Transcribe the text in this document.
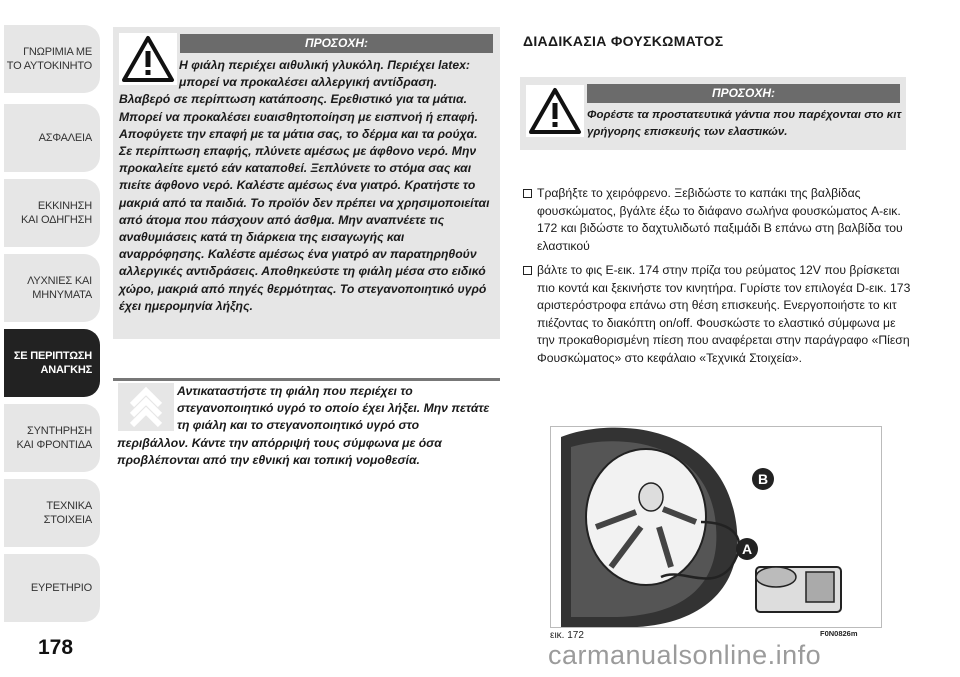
ΓΝΩΡΙΜΙΑ ΜΕ
ΤΟ ΑΥΤΟΚΙΝΗΤΟ
ΑΣΦΑΛΕΙΑ
ΕΚΚΙΝΗΣΗ
ΚΑΙ ΟΔΗΓΗΣΗ
ΛΥΧΝΙΕΣ ΚΑΙ
ΜΗΝΥΜΑΤΑ
ΣΕ ΠΕΡΙΠΤΩΣΗ
ΑΝΑΓΚΗΣ
ΣΥΝΤΗΡΗΣΗ
ΚΑΙ ΦΡΟΝΤΙΔΑ
ΤΕΧΝΙΚΑ
ΣΤΟΙΧΕΙΑ
ΕΥΡΕΤΗΡΙΟ
178
ΠΡΟΣΟΧΗ:
Η φιάλη περιέχει αιθυλική γλυκόλη. Περιέχει latex:
μπορεί να προκαλέσει αλλεργική αντίδραση.
Βλαβερό σε περίπτωση κατάποσης. Ερεθιστικό για τα μάτια. Μπορεί να προκαλέσει ευαισθητοποίηση με εισπνοή ή επαφή. Αποφύγετε την επαφή με τα μάτια σας, το δέρμα και τα ρούχα. Σε περίπτωση επαφής, πλύνετε αμέσως με άφθονο νερό. Μην προκαλείτε εμετό εάν καταποθεί. Ξεπλύνετε το στόμα σας και πιείτε άφθονο νερό. Καλέστε αμέσως ένα γιατρό. Κρατήστε το μακριά από τα παιδιά. Το προϊόν δεν πρέπει να χρησιμοποιείται από άτομα που πάσχουν από άσθμα. Μην αναπνέετε τις αναθυμιάσεις κατά τη διάρκεια της εισαγωγής και αναρρόφησης. Καλέστε αμέσως ένα γιατρό αν παρατηρηθούν αλλεργικές αντιδράσεις. Αποθηκεύστε τη φιάλη μέσα στο ειδικό χώρο, μακριά από πηγές θερμότητας. Το στεγανοποιητικό υγρό έχει ημερομηνία λήξης.
Αντικαταστήστε τη φιάλη που περιέχει το στεγανοποιητικό υγρό το οποίο έχει λήξει. Μην πετάτε τη φιάλη και το στεγανοποιητικό υγρό στο
περιβάλλον. Κάντε την απόρριψή τους σύμφωνα με όσα προβλέπονται από την εθνική και τοπική νομοθεσία.
ΔΙΑΔΙΚΑΣΙΑ ΦΟΥΣΚΩΜΑΤΟΣ
ΠΡΟΣΟΧΗ:
Φορέστε τα προστατευτικά γάντια που παρέχονται στο κιτ γρήγορης επισκευής των ελαστικών.
Τραβήξτε το χειρόφρενο. Ξεβιδώστε το καπάκι της βαλβίδας φουσκώματος, βγάλτε έξω το διάφανο σωλήνα φουσκώματος A-εικ. 172 και βιδώστε το δαχτυλιδωτό παξιμάδι B επάνω στη βαλβίδα του ελαστικού
βάλτε το φις E-εικ. 174 στην πρίζα του ρεύματος 12V που βρίσκεται πιο κοντά και ξεκινήστε τον κινητήρα. Γυρίστε τον επιλογέα D-εικ. 173 αριστερόστροφα επάνω στη θέση επισκευής. Ενεργοποιήστε το κιτ πιέζοντας το διακόπτη on/off. Φουσκώστε το ελαστικό σύμφωνα με την προκαθορισμένη πίεση που αναφέρεται στην παράγραφο «Πίεση Φουσκώματος» στο κεφάλαιο «Τεχνικά Στοιχεία».
B
A
εικ. 172	F0N0826m
carmanualsonline.info
